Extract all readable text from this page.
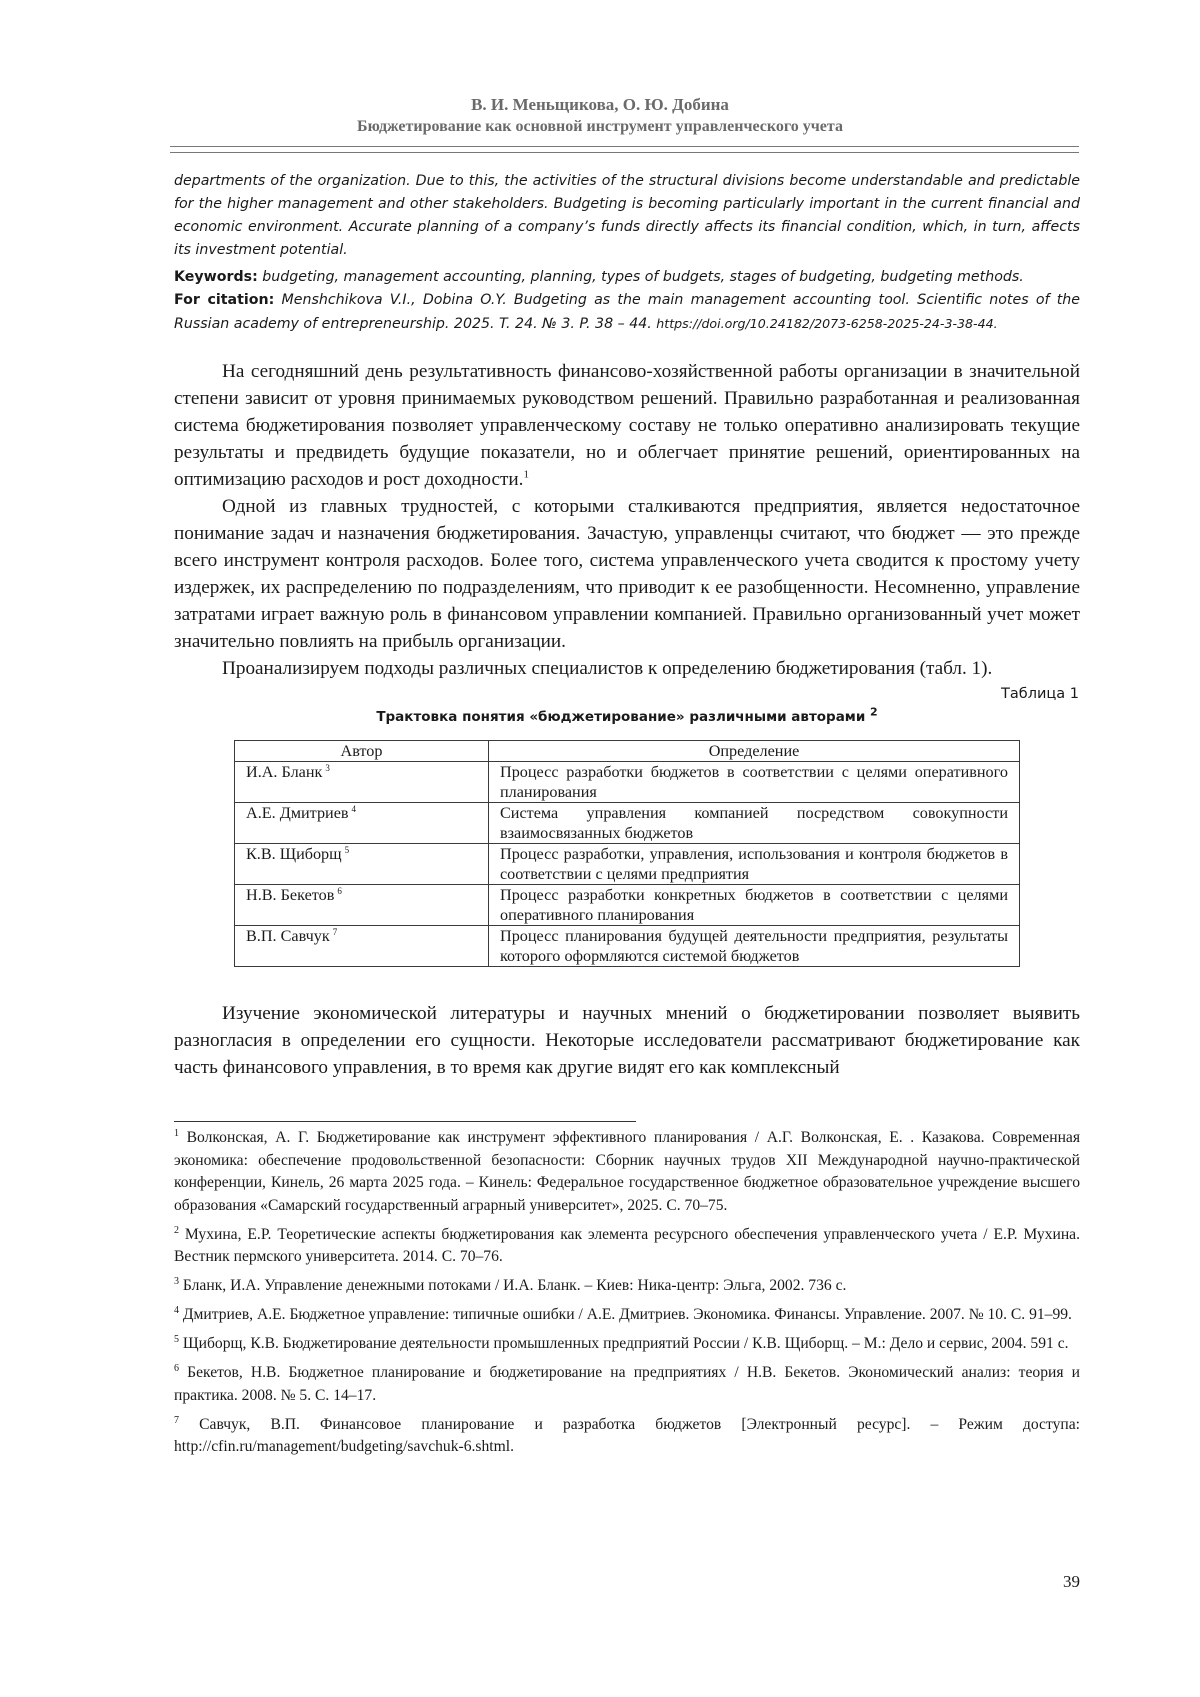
В. И. Меньщикова, О. Ю. Добина
Бюджетирование как основной инструмент управленческого учета

departments of the organization. Due to this, the activities of the structural divisions become understandable and predictable for the higher management and other stakeholders. Budgeting is becoming particularly important in the current financial and economic environment. Accurate planning of a company’s funds directly affects its financial condition, which, in turn, affects its investment potential.

Keywords: budgeting, management accounting, planning, types of budgets, stages of budgeting, budgeting methods.

For citation: Menshchikova V.I., Dobina O.Y. Budgeting as the main management accounting tool. Scientific notes of the Russian academy of entrepreneurship. 2025. T. 24. № 3. P. 38 – 44. https://doi.org/10.24182/2073-6258-2025-24-3-38-44.

На сегодняшний день результативность финансово-хозяйственной работы организации в значительной степени зависит от уровня принимаемых руководством решений. Правильно разработанная и реализованная система бюджетирования позволяет управленческому составу не только оперативно анализировать текущие результаты и предвидеть будущие показатели, но и облегчает принятие решений, ориентированных на оптимизацию расходов и рост доходности.$^1$

Одной из главных трудностей, с которыми сталкиваются предприятия, является недостаточное понимание задач и назначения бюджетирования. Зачастую, управленцы считают, что бюджет — это прежде всего инструмент контроля расходов. Более того, система управленческого учета сводится к простому учету издержек, их распределению по подразделениям, что приводит к ее разобщенности. Несомненно, управление затратами играет важную роль в финансовом управлении компанией. Правильно организованный учет может значительно повлиять на прибыль организации.

Проанализируем подходы различных специалистов к определению бюджетирования (табл. 1).

Таблица 1
Трактовка понятия «бюджетирование» различными авторами $^2$
Автор	Определение
И.А. Бланк $^3$	Процесс разработки бюджетов в соответствии с целями оперативного планирования
А.Е. Дмитриев $^4$	Система управления компанией посредством совокупности взаимосвязанных бюджетов
К.В. Щиборщ $^5$	Процесс разработки, управления, использования и контроля бюджетов в соответствии с целями предприятия
Н.В. Бекетов $^6$	Процесс разработки конкретных бюджетов в соответствии с целями оперативного планирования
В.П. Савчук $^7$	Процесс планирования будущей деятельности предприятия, результаты которого оформляются системой бюджетов

Изучение экономической литературы и научных мнений о бюджетировании позволяет выявить разногласия в определении его сущности. Некоторые исследователи рассматривают бюджетирование как часть финансового управления, в то время как другие видят его как комплексный

$^1$ Волконская, А. Г. Бюджетирование как инструмент эффективного планирования / А.Г. Волконская, Е. . Казакова. Современная экономика: обеспечение продовольственной безопасности: Сборник научных трудов XII Международной научно-практической конференции, Кинель, 26 марта 2025 года. – Кинель: Федеральное государственное бюджетное образовательное учреждение высшего образования «Самарский государственный аграрный университет», 2025. С. 70–75.

$^2$ Мухина, Е.Р. Теоретические аспекты бюджетирования как элемента ресурсного обеспечения управленческого учета / Е.Р. Мухина. Вестник пермского университета. 2014. С. 70–76.

$^3$ Бланк, И.А. Управление денежными потоками / И.А. Бланк. – Киев: Ника-центр: Эльга, 2002. 736 с.

$^4$ Дмитриев, А.Е. Бюджетное управление: типичные ошибки / А.Е. Дмитриев. Экономика. Финансы. Управление. 2007. № 10. С. 91–99.

$^5$ Щиборщ, К.В. Бюджетирование деятельности промышленных предприятий России / К.В. Щиборщ. – М.: Дело и сервис, 2004. 591 с.

$^6$ Бекетов, Н.В. Бюджетное планирование и бюджетирование на предприятиях / Н.В. Бекетов. Экономический анализ: теория и практика. 2008. № 5. С. 14–17.

$^7$ Савчук, В.П. Финансовое планирование и разработка бюджетов [Электронный ресурс]. – Режим доступа: http://cfin.ru/management/budgeting/savchuk-6.shtml.

39
